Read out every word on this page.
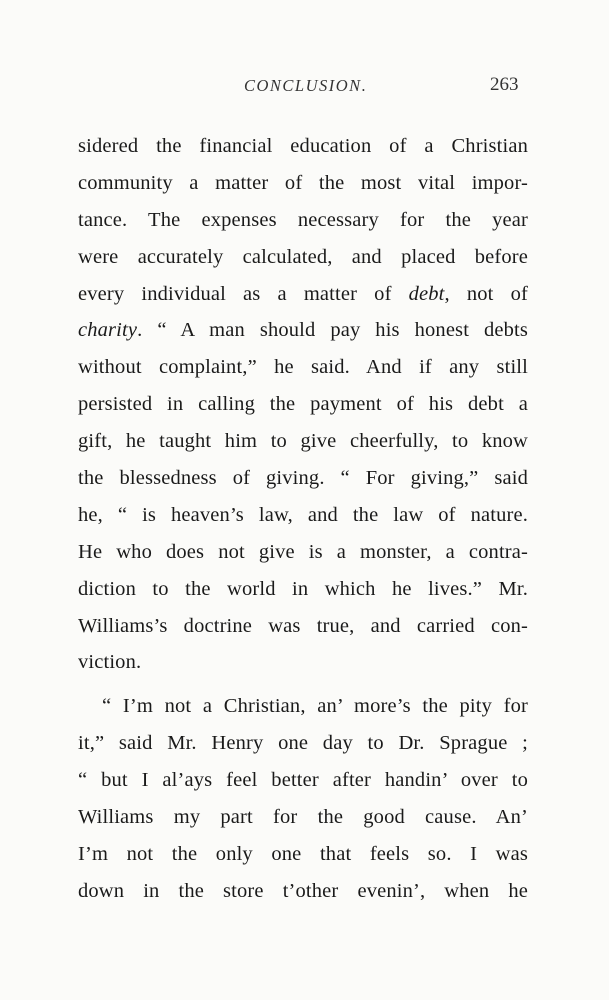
CONCLUSION.	263
sidered the financial education of a Christian
community a matter of the most vital impor-
tance. The expenses necessary for the year
were accurately calculated, and placed before
every individual as a matter of debt, not of
charity. “ A man should pay his honest debts
without complaint,” he said. And if any still
persisted in calling the payment of his debt a
gift, he taught him to give cheerfully, to know
the blessedness of giving. “ For giving,” said
he, “ is heaven’s law, and the law of nature.
He who does not give is a monster, a contra-
diction to the world in which he lives.” Mr.
Williams’s doctrine was true, and carried con-
viction.
“ I’m not a Christian, an’ more’s the pity for
it,” said Mr. Henry one day to Dr. Sprague ;
“ but I al’ays feel better after handin’ over to
Williams my part for the good cause. An’
I’m not the only one that feels so. I was
down in the store t’other evenin’, when he
